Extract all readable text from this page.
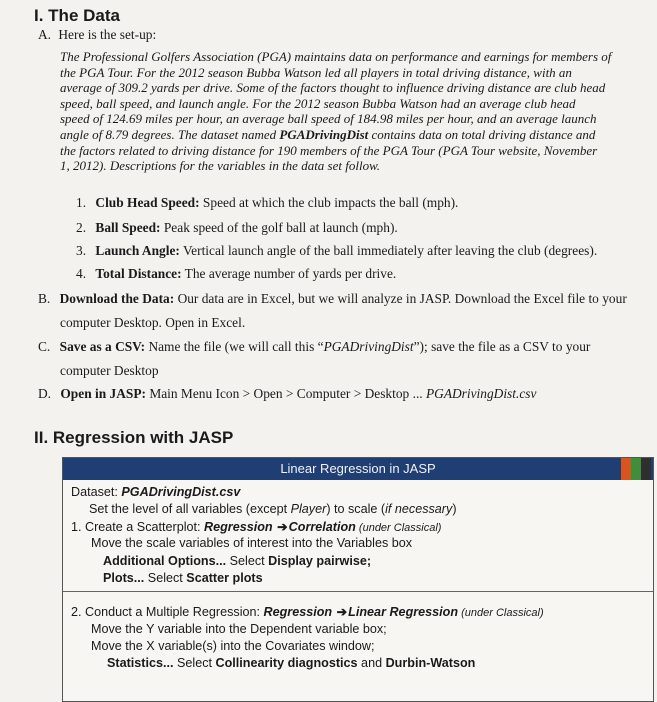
I. The Data
A. Here is the set-up:
The Professional Golfers Association (PGA) maintains data on performance and earnings for members of
the PGA Tour. For the 2012 season Bubba Watson led all players in total driving distance, with an
average of 309.2 yards per drive. Some of the factors thought to influence driving distance are club head
speed, ball speed, and launch angle. For the 2012 season Bubba Watson had an average club head
speed of 124.69 miles per hour, an average ball speed of 184.98 miles per hour, and an average launch
angle of 8.79 degrees. The dataset named PGADrivingDist contains data on total driving distance and
the factors related to driving distance for 190 members of the PGA Tour (PGA Tour website, November
1, 2012). Descriptions for the variables in the data set follow.
1. Club Head Speed: Speed at which the club impacts the ball (mph).
2. Ball Speed: Peak speed of the golf ball at launch (mph).
3. Launch Angle: Vertical launch angle of the ball immediately after leaving the club (degrees).
4. Total Distance: The average number of yards per drive.
B. Download the Data: Our data are in Excel, but we will analyze in JASP. Download the Excel file to your
computer Desktop. Open in Excel.
C. Save as a CSV: Name the file (we will call this “PGADrivingDist”); save the file as a CSV to your
computer Desktop
D. Open in JASP: Main Menu Icon > Open > Computer > Desktop ... PGADrivingDist.csv
II. Regression with JASP
Linear Regression in JASP
Dataset: PGADrivingDist.csv
Set the level of all variables (except Player) to scale (if necessary)
1. Create a Scatterplot: Regression ➔Correlation (under Classical)
Move the scale variables of interest into the Variables box
Additional Options... Select Display pairwise;
Plots... Select Scatter plots
2. Conduct a Multiple Regression: Regression ➔Linear Regression (under Classical)
Move the Y variable into the Dependent variable box;
Move the X variable(s) into the Covariates window;
Statistics... Select Collinearity diagnostics and Durbin-Watson
